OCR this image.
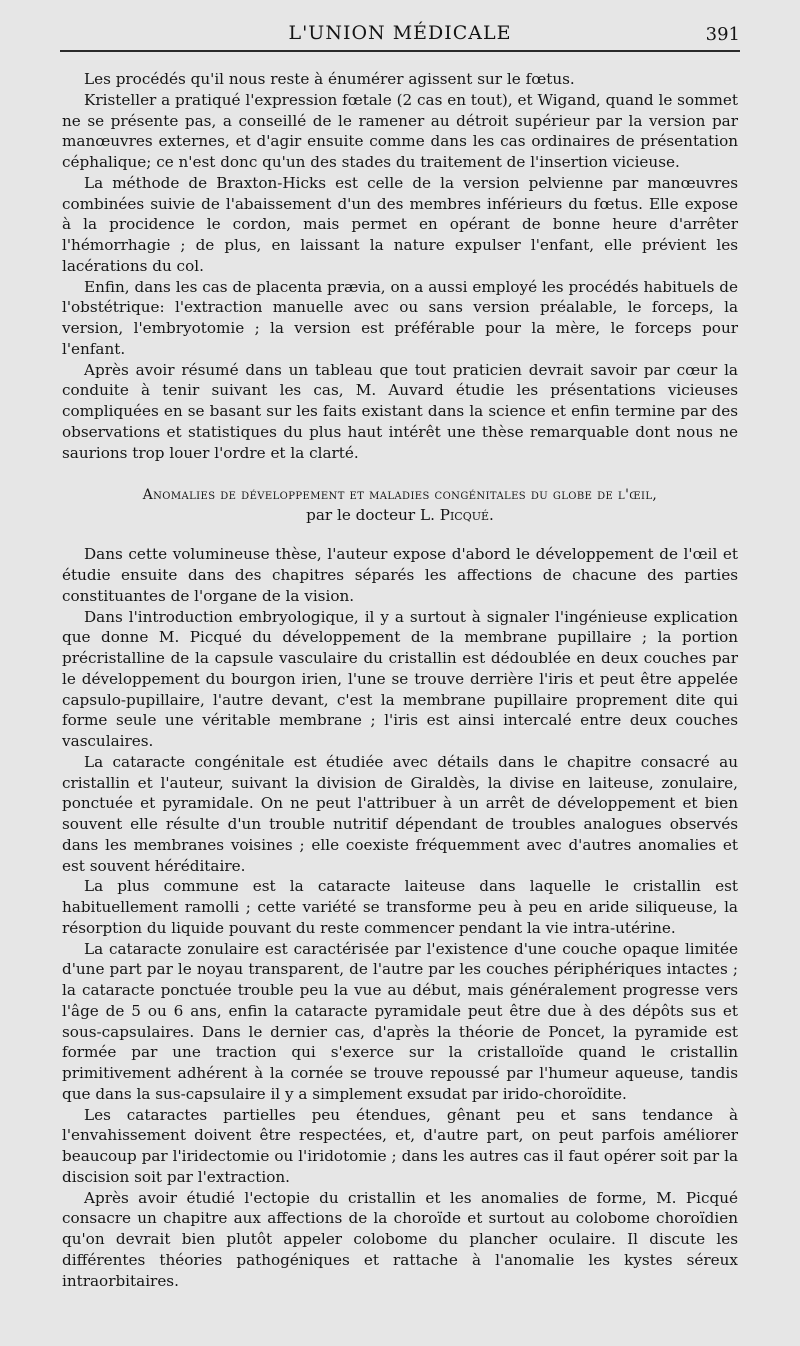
L'UNION MÉDICALE	391

Les procédés qu'il nous reste à énumérer agissent sur le fœtus.

Kristeller a pratiqué l'expression fœtale (2 cas en tout), et Wigand, quand le sommet ne se présente pas, a conseillé de le ramener au détroit supérieur par la version par manœuvres externes, et d'agir ensuite comme dans les cas ordinaires de présentation céphalique; ce n'est donc qu'un des stades du traitement de l'insertion vicieuse.

La méthode de Braxton-Hicks est celle de la version pelvienne par manœuvres combinées suivie de l'abaissement d'un des membres inférieurs du fœtus. Elle expose à la procidence le cordon, mais permet en opérant de bonne heure d'arrêter l'hémorrhagie ; de plus, en laissant la nature expulser l'enfant, elle prévient les lacérations du col.

Enfin, dans les cas de placenta prævia, on a aussi employé les procédés habituels de l'obstétrique: l'extraction manuelle avec ou sans version préalable, le forceps, la version, l'embryotomie ; la version est préférable pour la mère, le forceps pour l'enfant.

Après avoir résumé dans un tableau que tout praticien devrait savoir par cœur la conduite à tenir suivant les cas, M. Auvard étudie les présentations vicieuses compliquées en se basant sur les faits existant dans la science et enfin termine par des observations et statistiques du plus haut intérêt une thèse remarquable dont nous ne saurions trop louer l'ordre et la clarté.

Anomalies de développement et maladies congénitales du globe de l'œil,
par le docteur L. Picqué.

Dans cette volumineuse thèse, l'auteur expose d'abord le développement de l'œil et étudie ensuite dans des chapitres séparés les affections de chacune des parties constituantes de l'organe de la vision.

Dans l'introduction embryologique, il y a surtout à signaler l'ingénieuse explication que donne M. Picqué du développement de la membrane pupillaire ; la portion précristalline de la capsule vasculaire du cristallin est dédoublée en deux couches par le développement du bourgon irien, l'une se trouve derrière l'iris et peut être appelée capsulo-pupillaire, l'autre devant, c'est la membrane pupillaire proprement dite qui forme seule une véritable membrane ; l'iris est ainsi intercalé entre deux couches vasculaires.

La cataracte congénitale est étudiée avec détails dans le chapitre consacré au cristallin et l'auteur, suivant la division de Giraldès, la divise en laiteuse, zonulaire, ponctuée et pyramidale. On ne peut l'attribuer à un arrêt de développement et bien souvent elle résulte d'un trouble nutritif dépendant de troubles analogues observés dans les membranes voisines ; elle coexiste fréquemment avec d'autres anomalies et est souvent héréditaire.

La plus commune est la cataracte laiteuse dans laquelle le cristallin est habituellement ramolli ; cette variété se transforme peu à peu en aride siliqueuse, la résorption du liquide pouvant du reste commencer pendant la vie intra-utérine.

La cataracte zonulaire est caractérisée par l'existence d'une couche opaque limitée d'une part par le noyau transparent, de l'autre par les couches périphériques intactes ; la cataracte ponctuée trouble peu la vue au début, mais généralement progresse vers l'âge de 5 ou 6 ans, enfin la cataracte pyramidale peut être due à des dépôts sus et sous-capsulaires. Dans le dernier cas, d'après la théorie de Poncet, la pyramide est formée par une traction qui s'exerce sur la cristalloïde quand le cristallin primitivement adhérent à la cornée se trouve repoussé par l'humeur aqueuse, tandis que dans la sus-capsulaire il y a simplement exsudat par irido-choroïdite.

Les cataractes partielles peu étendues, gênant peu et sans tendance à l'envahissement doivent être respectées, et, d'autre part, on peut parfois améliorer beaucoup par l'iridectomie ou l'iridotomie ; dans les autres cas il faut opérer soit par la discision soit par l'extraction.

Après avoir étudié l'ectopie du cristallin et les anomalies de forme, M. Picqué consacre un chapitre aux affections de la choroïde et surtout au colobome choroïdien qu'on devrait bien plutôt appeler colobome du plancher oculaire. Il discute les différentes théories pathogéniques et rattache à l'anomalie les kystes séreux intraorbitaires.
